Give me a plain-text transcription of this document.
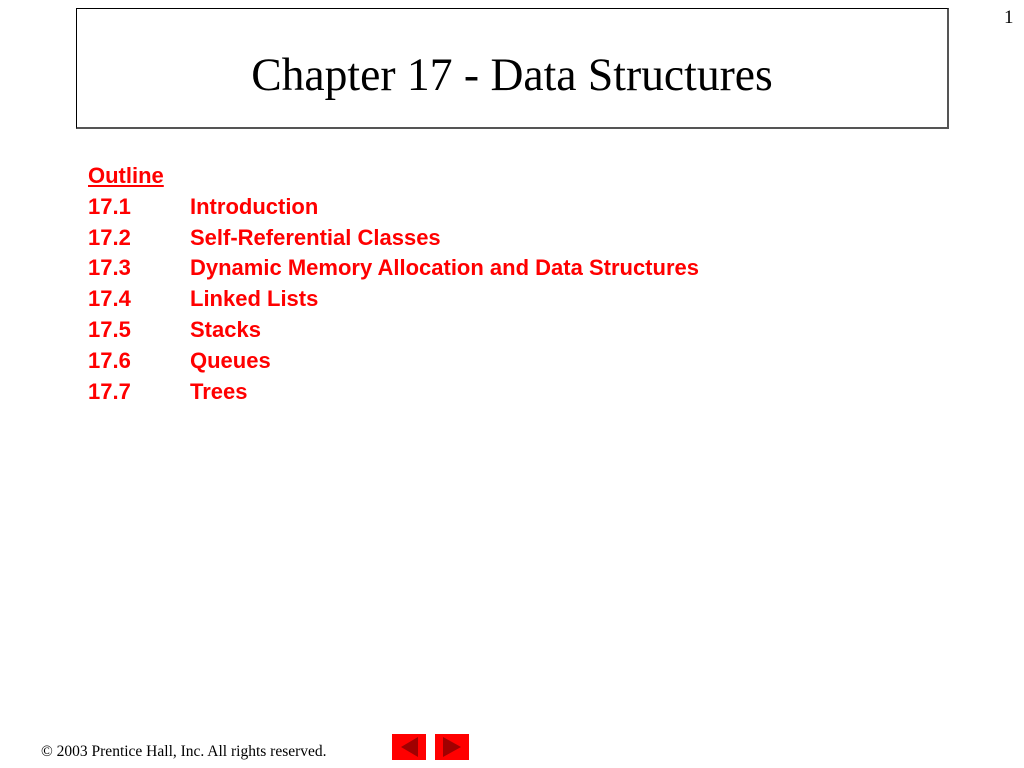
Chapter 17 - Data Structures
1
Outline
17.1	Introduction
17.2	Self-Referential Classes
17.3	Dynamic Memory Allocation and Data Structures
17.4	Linked Lists
17.5	Stacks
17.6	Queues
17.7	Trees
© 2003 Prentice Hall, Inc. All rights reserved.
